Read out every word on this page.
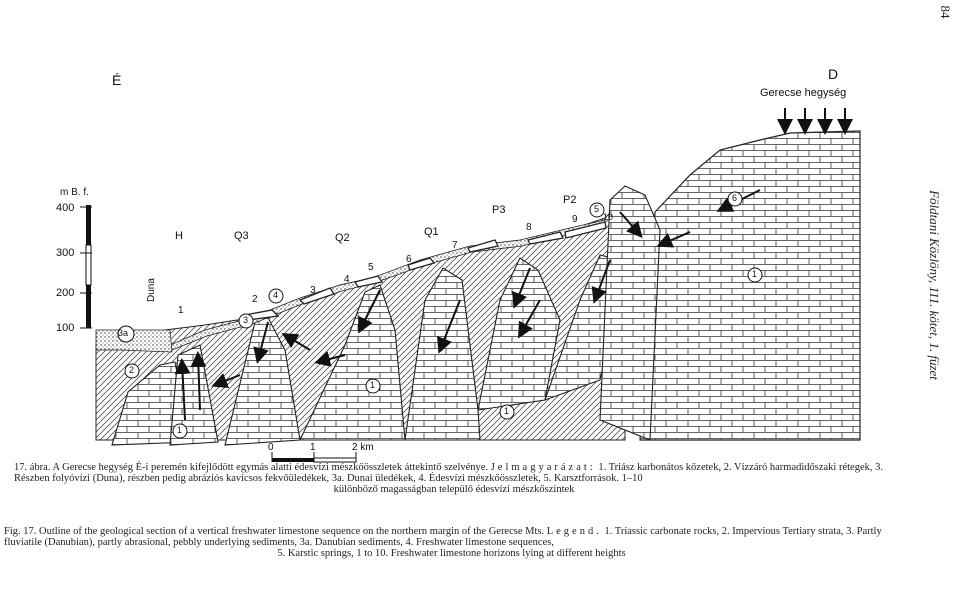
84
Földtani Közlöny, 111. kötet, 1. füzet
É	D
Gerecse hegység
m B. f.
400
300
200
100
Duna
H	Q3	Q2	Q1
P3
P2
1
2
3
4
5
6
7
8
9	10
3a
2
1
3
4
1
1
5
6
1
0	1	2 km
17. ábra. A Gerecse hegység É-i peremén kifejlődött egymás alatti édesvízi mészkőösszletek áttekintő szelvénye. Jelmagyarázat: 1. Triász karbonátos kőzetek, 2. Vízzáró harmadidőszaki rétegek, 3. Részben folyóvízi (Duna), részben pedig abráziós kavicsos fekvőüledékek, 3a. Dunai üledékek, 4. Édesvízi mészkőösszletek, 5. Karsztforrások. 1–10
különböző magasságban települő édesvízi mészkőszintek
Fig. 17. Outline of the geological section of a vertical freshwater limestone sequence on the northern margin of the Gerecse Mts. Legend. 1. Triassic carbonate rocks, 2. Impervious Tertiary strata, 3. Partly fluviatile (Danubian), partly abrasional, pebbly underlying sediments, 3a. Danubian sediments, 4. Freshwater limestone sequences,
5. Karstic springs, 1 to 10. Freshwater limestone horizons lying at different heights
